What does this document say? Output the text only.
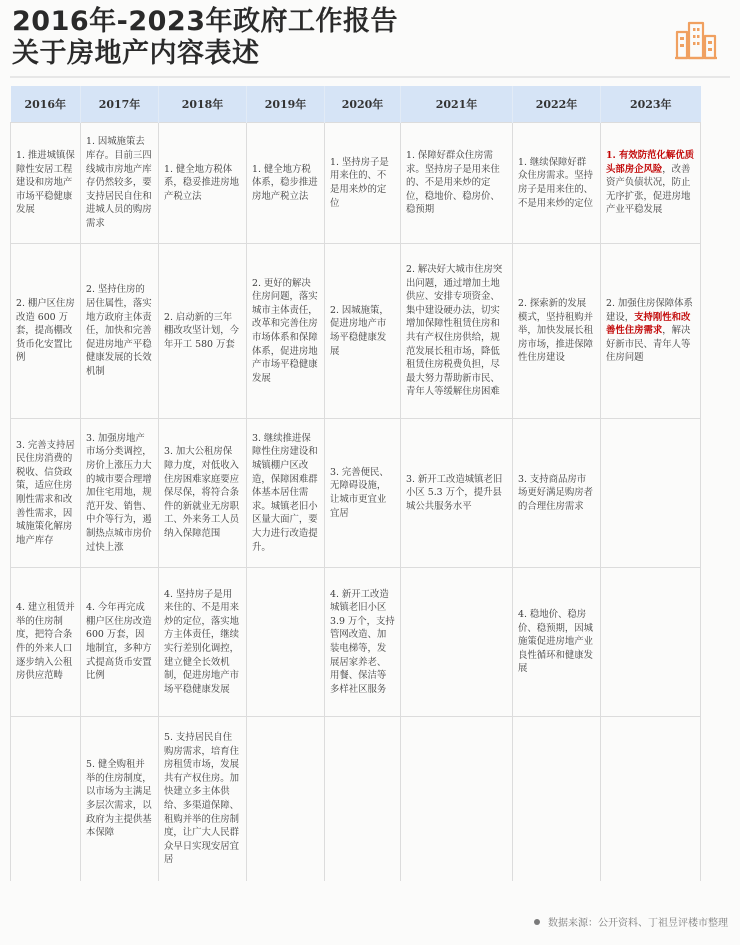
2016年-2023年政府工作报告
关于房地产内容表述
2016年	2017年	2018年	2019年	2020年	2021年	2022年	2023年
1. 推进城镇保障性安居工程建设和房地产市场平稳健康发展	1. 因城施策去库存。目前三四线城市房地产库存仍然较多，要支持居民自住和进城人员的购房需求	1. 健全地方税体系，稳妥推进房地产税立法	1. 健全地方税体系，稳步推进房地产税立法	1. 坚持房子是用来住的、不是用来炒的定位	1. 保障好群众住房需求。坚持房子是用来住的、不是用来炒的定位，稳地价、稳房价、稳预期	1. 继续保障好群众住房需求。坚持房子是用来住的、不是用来炒的定位	1. 有效防范化解优质头部房企风险，改善资产负债状况，防止无序扩张，促进房地产业平稳发展
2. 棚户区住房改造 600 万套，提高棚改货币化安置比例	2. 坚持住房的居住属性，落实地方政府主体责任，加快和完善促进房地产平稳健康发展的长效机制	2. 启动新的三年棚改攻坚计划，今年开工 580 万套	2. 更好的解决住房问题，落实城市主体责任，改革和完善住房市场体系和保障体系，促进房地产市场平稳健康发展	2. 因城施策，促进房地产市场平稳健康发展	2. 解决好大城市住房突出问题，通过增加土地供应、安排专项资金、集中建设硬办法，切实增加保障性租赁住房和共有产权住房供给，规范发展长租市场，降低租赁住房税费负担，尽最大努力帮助新市民、青年人等缓解住房困难	2. 探索新的发展模式，坚持租购并举，加快发展长租房市场，推进保障性住房建设	2. 加强住房保障体系建设，支持刚性和改善性住房需求，解决好新市民、青年人等住房问题
3. 完善支持居民住房消费的税收、信贷政策，适应住房刚性需求和改善性需求，因城施策化解房地产库存	3. 加强房地产市场分类调控，房价上涨压力大的城市要合理增加住宅用地，规范开发、销售、中介等行为，遏制热点城市房价过快上涨	3. 加大公租房保障力度，对低收入住房困难家庭要应保尽保，将符合条件的新就业无房职工、外来务工人员纳入保障范围	3. 继续推进保障性住房建设和城镇棚户区改造，保障困难群体基本居住需求。城镇老旧小区量大面广，要大力进行改造提升。	3. 完善便民、无障碍设施，让城市更宜业宜居	3. 新开工改造城镇老旧小区 5.3 万个，提升县城公共服务水平	3. 支持商品房市场更好满足购房者的合理住房需求	
4. 建立租赁并举的住房制度，把符合条件的外来人口逐步纳入公租房供应范畴	4. 今年再完成棚户区住房改造 600 万套，因地制宜，多种方式提高货币安置比例	4. 坚持房子是用来住的、不是用来炒的定位，落实地方主体责任，继续实行差别化调控，建立健全长效机制，促进房地产市场平稳健康发展		4. 新开工改造城镇老旧小区 3.9 万个，支持管网改造、加装电梯等，发展居家养老、用餐、保洁等多样社区服务		4. 稳地价、稳房价、稳预期，因城施策促进房地产业良性循环和健康发展	
	5. 健全购租并举的住房制度，以市场为主满足多层次需求，以政府为主提供基本保障	5. 支持居民自住购房需求，培育住房租赁市场，发展共有产权住房。加快建立多主体供给、多渠道保障、租购并举的住房制度，让广大人民群众早日实现安居宜居					
数据来源：公开资料、丁祖昱评楼市整理
